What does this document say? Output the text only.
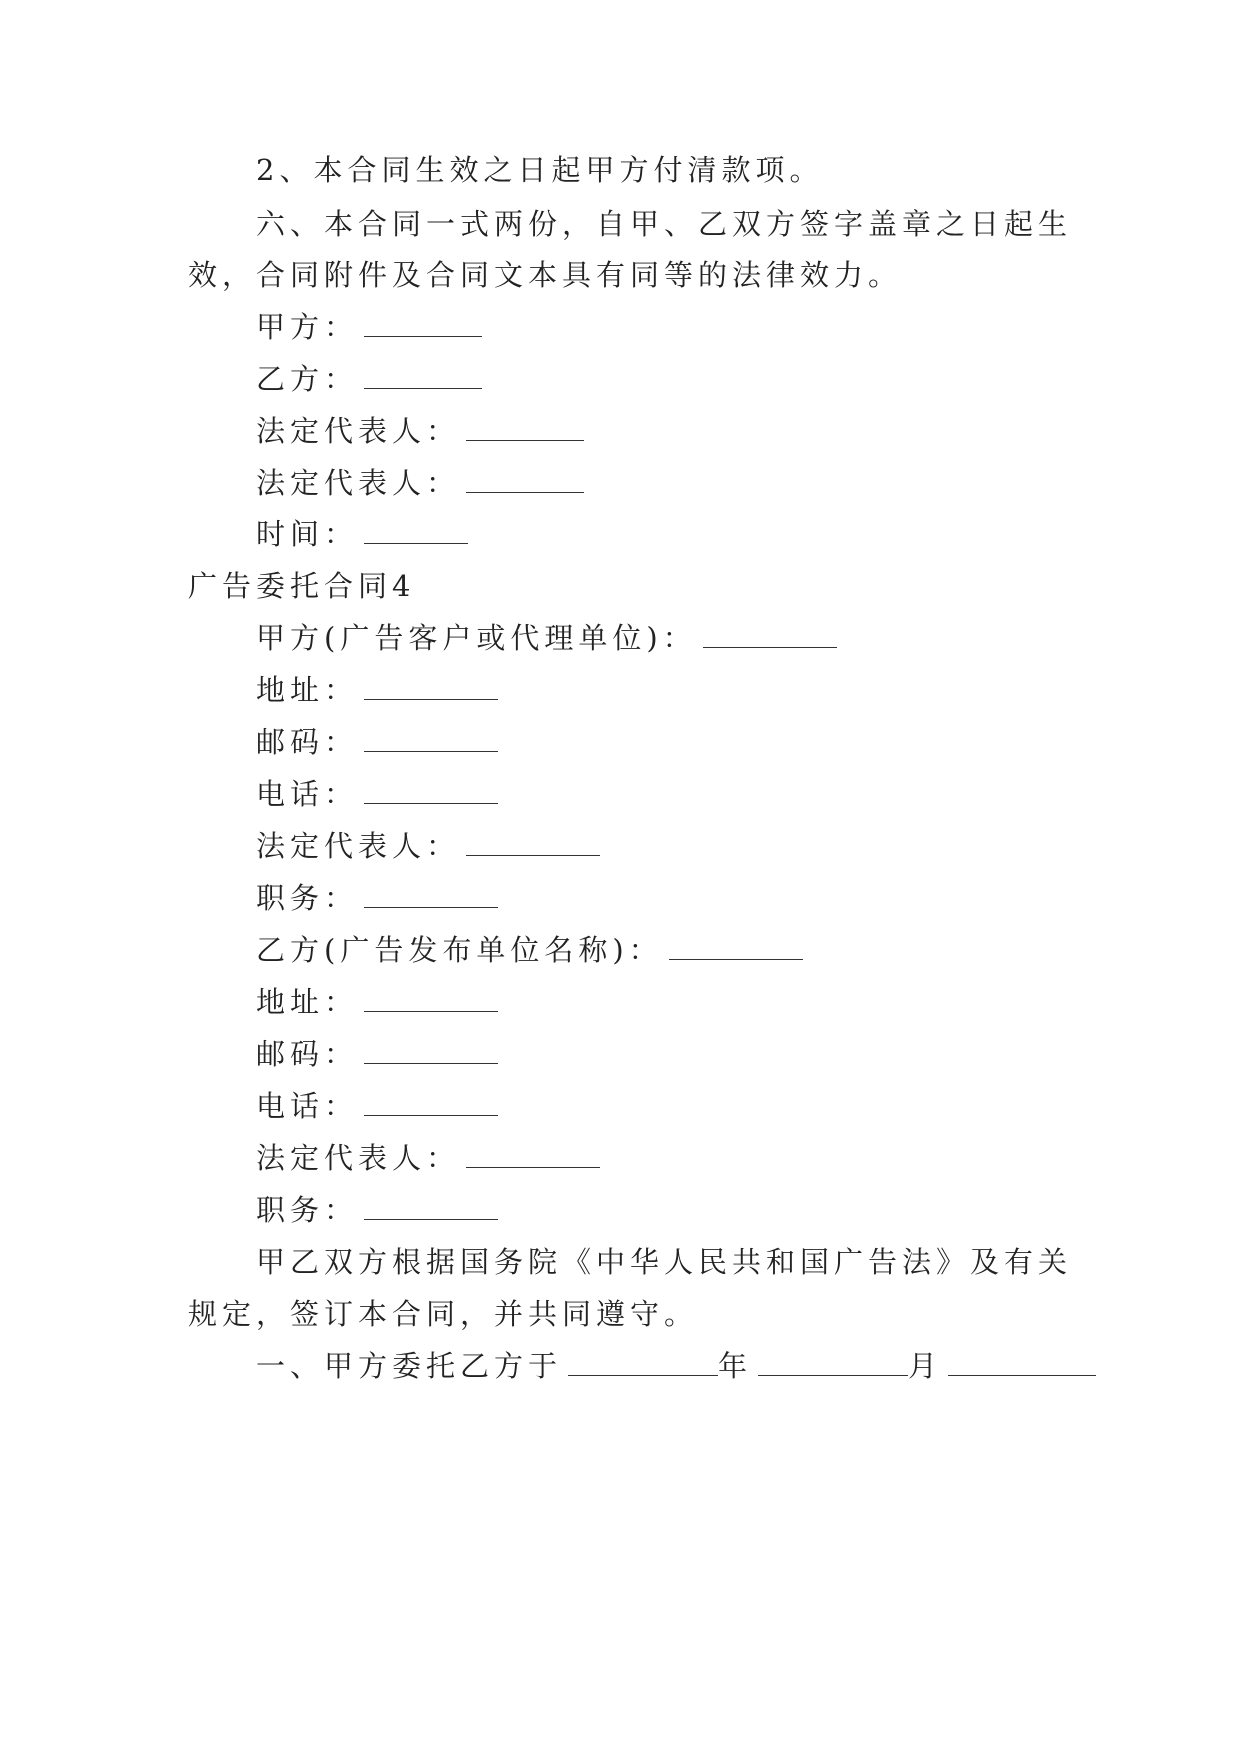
2、本合同生效之日起甲方付清款项。
六、本合同一式两份，自甲、乙双方签字盖章之日起生
效，合同附件及合同文本具有同等的法律效力。
甲方：
乙方：
法定代表人：
法定代表人：
时间：
广告委托合同4
甲方(广告客户或代理单位)：
地址：
邮码：
电话：
法定代表人：
职务：
乙方(广告发布单位名称)：
地址：
邮码：
电话：
法定代表人：
职务：
甲乙双方根据国务院《中华人民共和国广告法》及有关
规定，签订本合同，并共同遵守。
一、甲方委托乙方于	年	月
